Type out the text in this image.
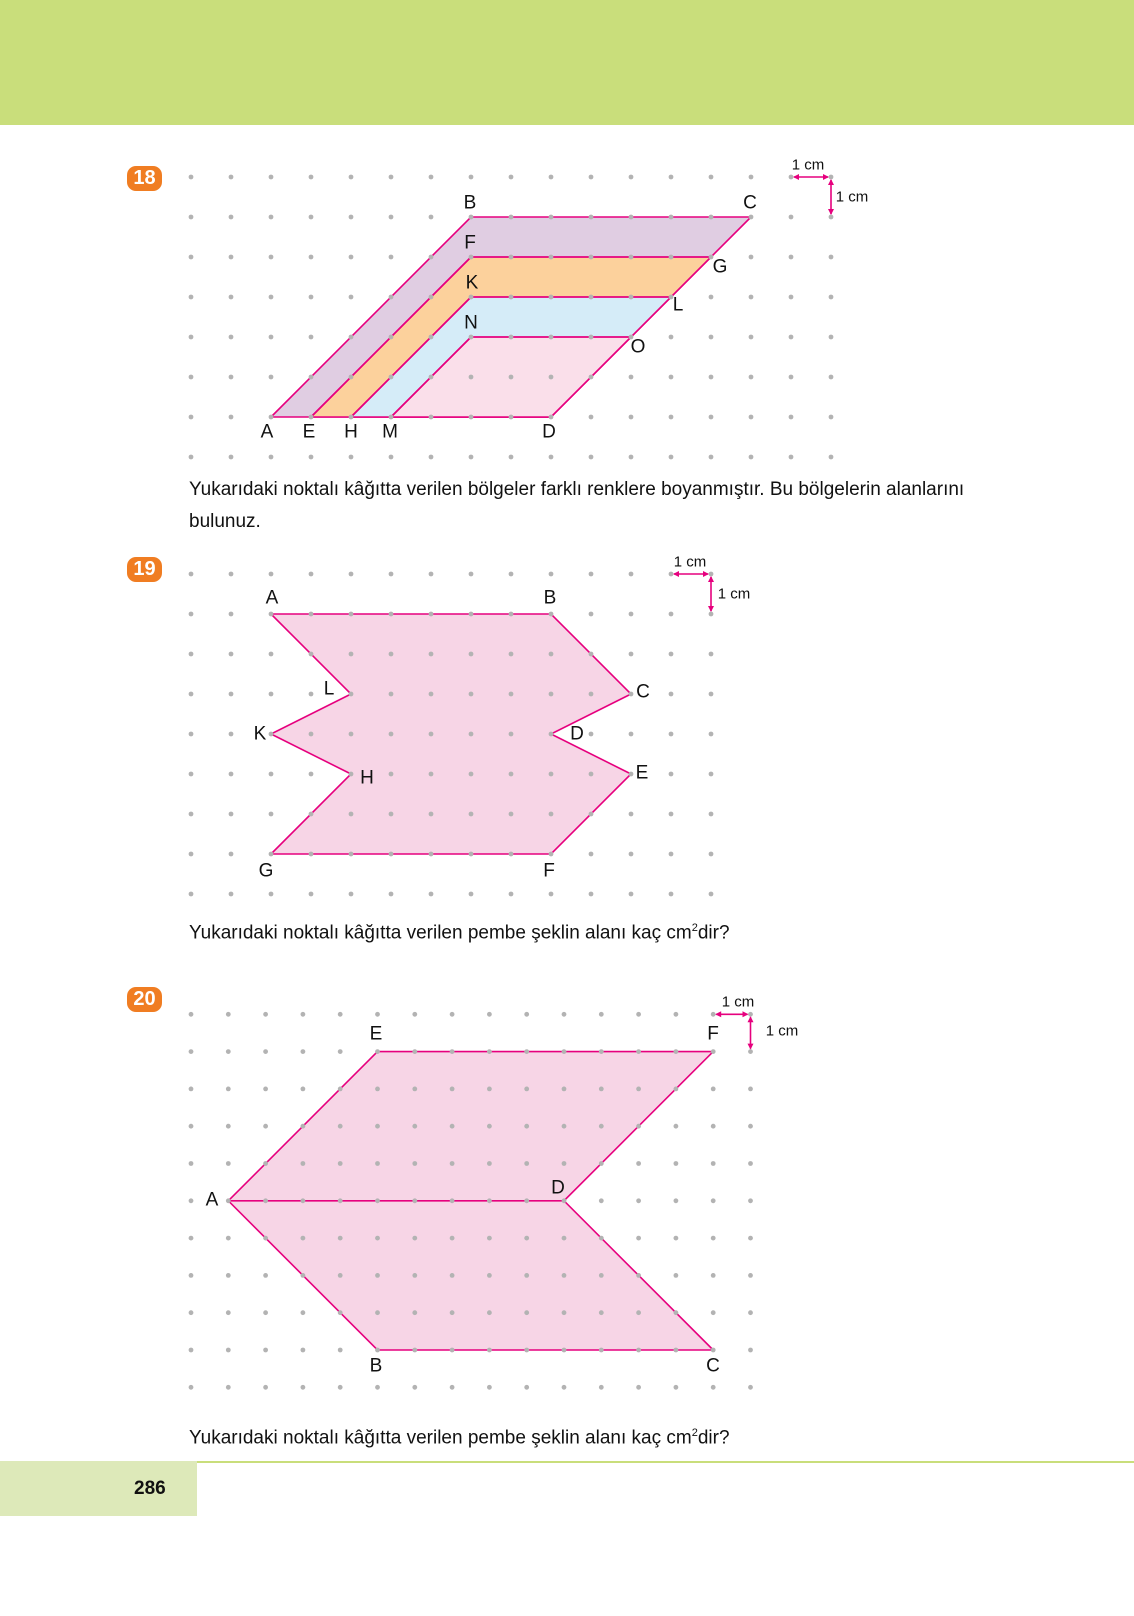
18
19
20
1 cm
1 cm
B	C
F
G
K
L
N
O
A E H M	D
1 cm
1 cm
A	B
L	C
K	D
H	E
G	F
1 cm
1 cm
E	F
A
D
B	C
Yukarıdaki noktalı kâğıtta verilen bölgeler farklı renklere boyanmıştır. Bu bölgelerin alanlarını bulunuz.
Yukarıdaki noktalı kâğıtta verilen pembe şeklin alanı kaç $cm^2dir$?
Yukarıdaki noktalı kâğıtta verilen pembe şeklin alanı kaç $cm^2dir$?
286
